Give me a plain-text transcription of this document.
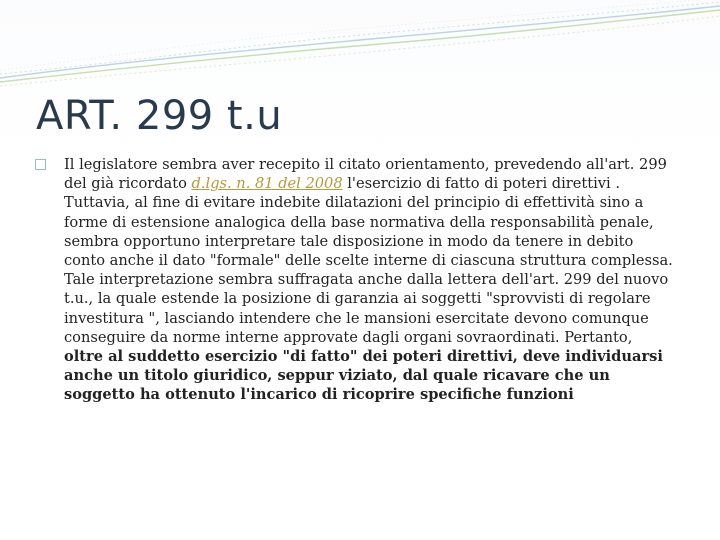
ART. 299 t.u
□ Il legislatore sembra aver recepito il citato orientamento, prevedendo all'art. 299 del già ricordato d.lgs. n. 81 del 2008 l'esercizio di fatto di poteri direttivi . Tuttavia, al fine di evitare indebite dilatazioni del principio di effettività sino a forme di estensione analogica della base normativa della responsabilità penale, sembra opportuno interpretare tale disposizione in modo da tenere in debito conto anche il dato "formale" delle scelte interne di ciascuna struttura complessa. Tale interpretazione sembra suffragata anche dalla lettera dell'art. 299 del nuovo t.u., la quale estende la posizione di garanzia ai soggetti "sprovvisti di regolare investitura ", lasciando intendere che le mansioni esercitate devono comunque conseguire da norme interne approvate dagli organi sovraordinati. Pertanto, oltre al suddetto esercizio "di fatto" dei poteri direttivi, deve individuarsi anche un titolo giuridico, seppur viziato, dal quale ricavare che un soggetto ha ottenuto l'incarico di ricoprire specifiche funzioni
